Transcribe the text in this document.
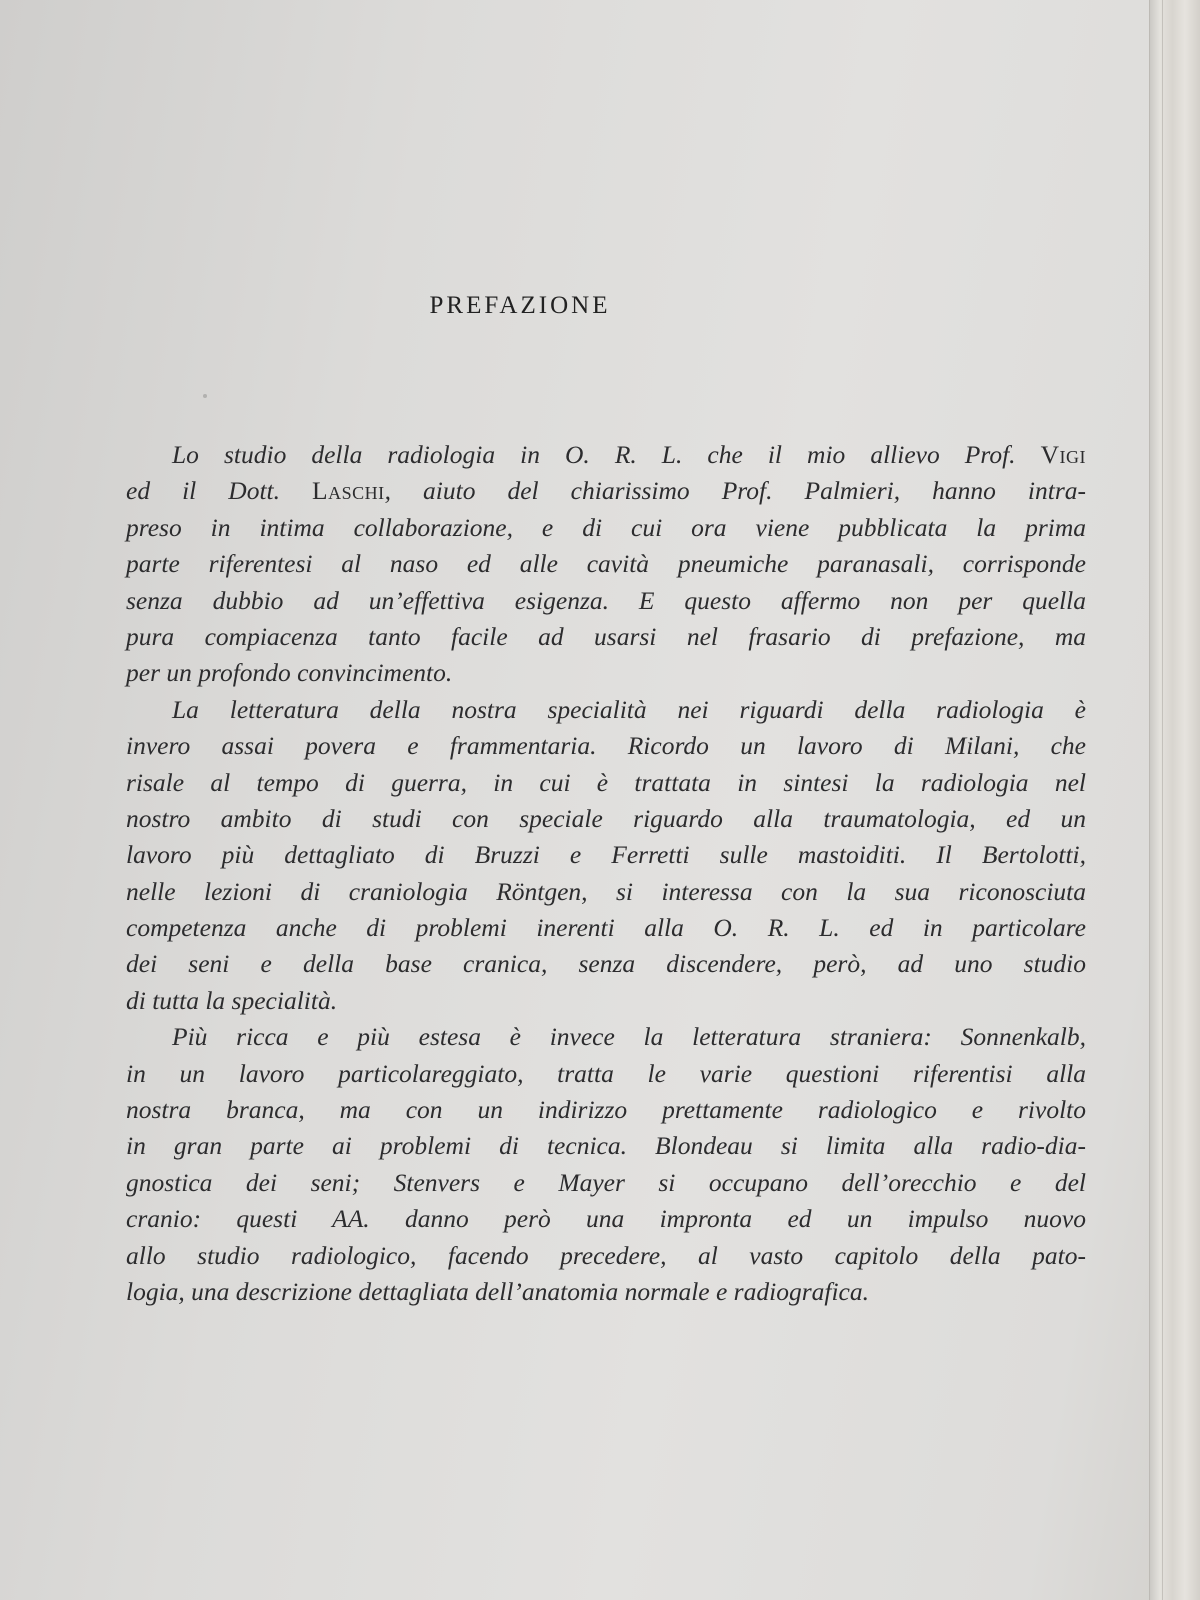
PREFAZIONE
Lo studio della radiologia in O. R. L. che il mio allievo Prof. Vigi
ed il Dott. Laschi, aiuto del chiarissimo Prof. Palmieri, hanno intra-
preso in intima collaborazione, e di cui ora viene pubblicata la prima
parte riferentesi al naso ed alle cavità pneumiche paranasali, corrisponde
senza dubbio ad un’effettiva esigenza. E questo affermo non per quella
pura compiacenza tanto facile ad usarsi nel frasario di prefazione, ma
per un profondo convincimento.
La letteratura della nostra specialità nei riguardi della radiologia è
invero assai povera e frammentaria. Ricordo un lavoro di Milani, che
risale al tempo di guerra, in cui è trattata in sintesi la radiologia nel
nostro ambito di studi con speciale riguardo alla traumatologia, ed un
lavoro più dettagliato di Bruzzi e Ferretti sulle mastoiditi. Il Bertolotti,
nelle lezioni di craniologia Röntgen, si interessa con la sua riconosciuta
competenza anche di problemi inerenti alla O. R. L. ed in particolare
dei seni e della base cranica, senza discendere, però, ad uno studio
di tutta la specialità.
Più ricca e più estesa è invece la letteratura straniera: Sonnenkalb,
in un lavoro particolareggiato, tratta le varie questioni riferentisi alla
nostra branca, ma con un indirizzo prettamente radiologico e rivolto
in gran parte ai problemi di tecnica. Blondeau si limita alla radio-dia-
gnostica dei seni; Stenvers e Mayer si occupano dell’orecchio e del
cranio: questi AA. danno però una impronta ed un impulso nuovo
allo studio radiologico, facendo precedere, al vasto capitolo della pato-
logia, una descrizione dettagliata dell’anatomia normale e radiografica.
